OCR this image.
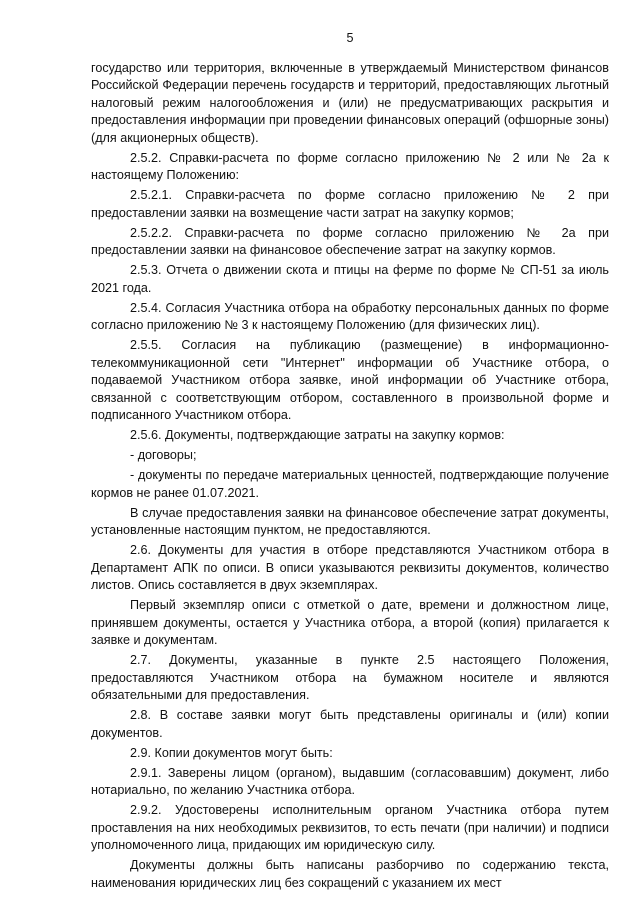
5

государство или территория, включенные в утверждаемый Министерством финансов Российской Федерации перечень государств и территорий, предоставляющих льготный налоговый режим налогообложения и (или) не предусматривающих раскрытия и предоставления информации при проведении финансовых операций (офшорные зоны) (для акционерных обществ).

2.5.2. Справки-расчета по форме согласно приложению № 2 или № 2а к настоящему Положению:

2.5.2.1. Справки-расчета по форме согласно приложению № 2 при предоставлении заявки на возмещение части затрат на закупку кормов;

2.5.2.2. Справки-расчета по форме согласно приложению № 2а при предоставлении заявки на финансовое обеспечение затрат на закупку кормов.

2.5.3. Отчета о движении скота и птицы на ферме по форме № СП-51 за июль 2021 года.

2.5.4. Согласия Участника отбора на обработку персональных данных по форме согласно приложению № 3 к настоящему Положению (для физических лиц).

2.5.5. Согласия на публикацию (размещение) в информационно-телекоммуникационной сети "Интернет" информации об Участнике отбора, о подаваемой Участником отбора заявке, иной информации об Участнике отбора, связанной с соответствующим отбором, составленного в произвольной форме и подписанного Участником отбора.

2.5.6. Документы, подтверждающие затраты на закупку кормов:

- договоры;

- документы по передаче материальных ценностей, подтверждающие получение кормов не ранее 01.07.2021.

В случае предоставления заявки на финансовое обеспечение затрат документы, установленные настоящим пунктом, не предоставляются.

2.6. Документы для участия в отборе представляются Участником отбора в Департамент АПК по описи. В описи указываются реквизиты документов, количество листов. Опись составляется в двух экземплярах.

Первый экземпляр описи с отметкой о дате, времени и должностном лице, принявшем документы, остается у Участника отбора, а второй (копия) прилагается к заявке и документам.

2.7. Документы, указанные в пункте 2.5 настоящего Положения, предоставляются Участником отбора на бумажном носителе и являются обязательными для предоставления.

2.8. В составе заявки могут быть представлены оригиналы и (или) копии документов.

2.9. Копии документов могут быть:

2.9.1. Заверены лицом (органом), выдавшим (согласовавшим) документ, либо нотариально, по желанию Участника отбора.

2.9.2. Удостоверены исполнительным органом Участника отбора путем проставления на них необходимых реквизитов, то есть печати (при наличии) и подписи уполномоченного лица, придающих им юридическую силу.

Документы должны быть написаны разборчиво по содержанию текста, наименования юридических лиц без сокращений с указанием их мест
